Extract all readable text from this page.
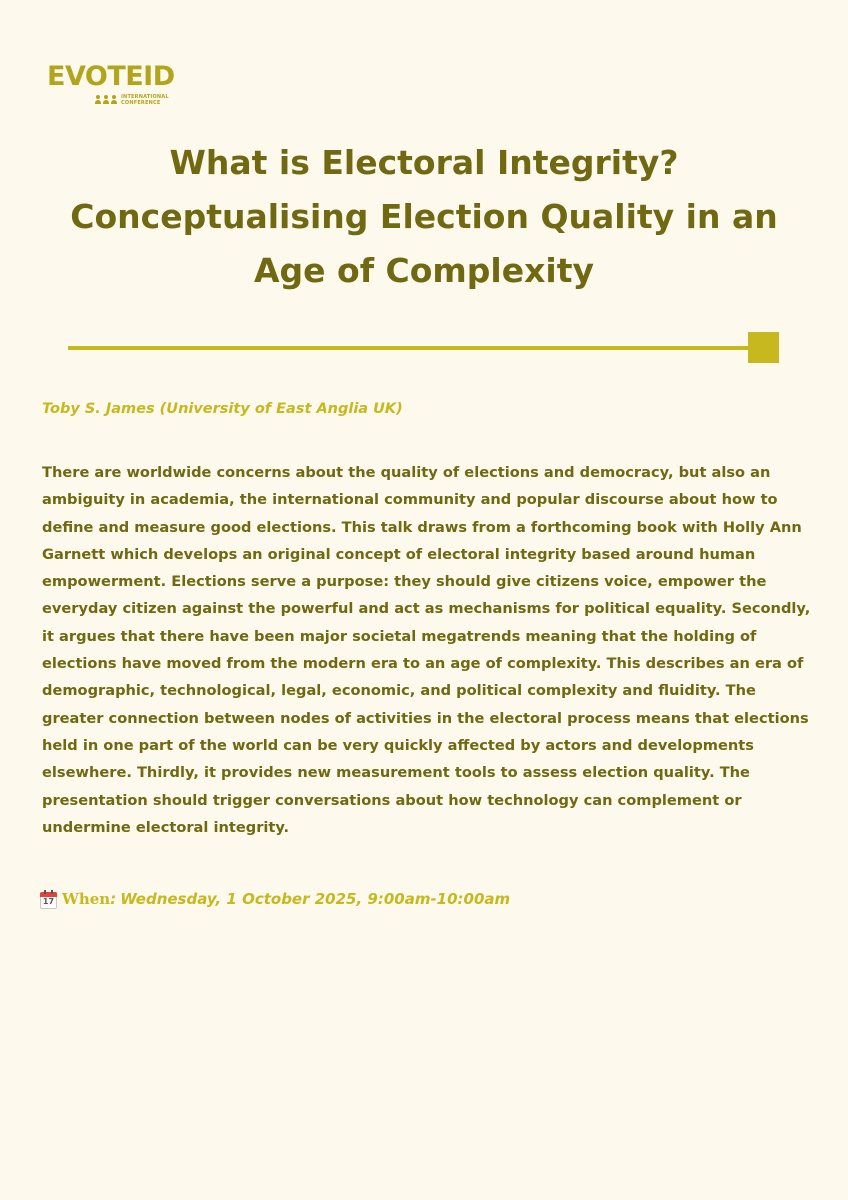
EVOTEID
INTERNATIONAL
CONFERENCE
What is Electoral Integrity?
Conceptualising Election Quality in an
Age of Complexity
Toby S. James (University of East Anglia UK)

There are worldwide concerns about the quality of elections and democracy, but also an ambiguity in academia, the international community and popular discourse about how to define and measure good elections. This talk draws from a forthcoming book with Holly Ann Garnett which develops an original concept of electoral integrity based around human empowerment. Elections serve a purpose: they should give citizens voice, empower the everyday citizen against the powerful and act as mechanisms for political equality. Secondly, it argues that there have been major societal megatrends meaning that the holding of elections have moved from the modern era to an age of complexity. This describes an era of demographic, technological, legal, economic, and political complexity and fluidity. The greater connection between nodes of activities in the electoral process means that elections held in one part of the world can be very quickly affected by actors and developments elsewhere. Thirdly, it provides new measurement tools to assess election quality. The presentation should trigger conversations about how technology can complement or undermine electoral integrity.

17 When : Wednesday, 1 October 2025, 9:00am-10:00am
